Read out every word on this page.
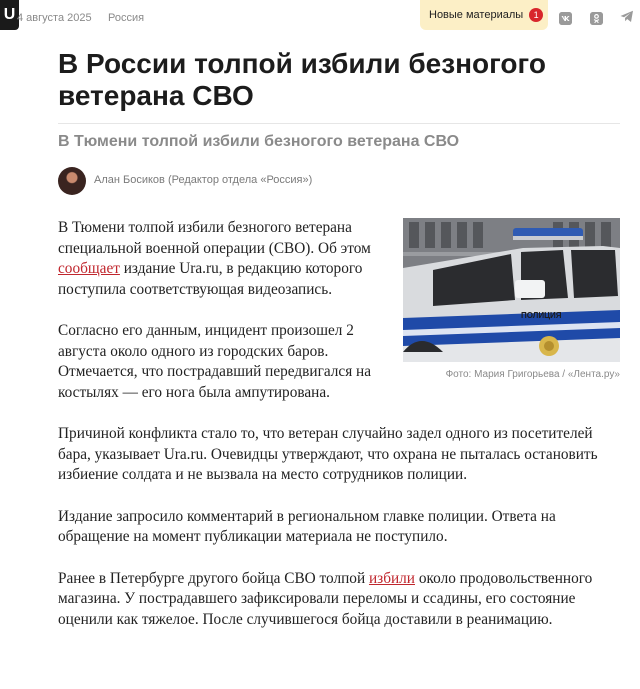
U 4 августа 2025 Россия	Новые материалы	1
В России толпой избили безногого ветерана СВО
В Тюмени толпой избили безногого ветерана СВО
Алан Босиков (Редактор отдела «Россия»)
ПОЛИЦИЯ
Фото: Мария Григорьева / «Лента.ру»

В Тюмени толпой избили безногого ветерана специальной военной операции (СВО). Об этом сообщает издание Ura.ru, в редакцию которого поступила соответствующая видеозапись.

Согласно его данным, инцидент произошел 2 августа около одного из городских баров. Отмечается, что пострадавший передвигался на костылях — его нога была ампутирована.

Причиной конфликта стало то, что ветеран случайно задел одного из посетителей бара, указывает Ura.ru. Очевидцы утверждают, что охрана не пыталась остановить избиение солдата и не вызвала на место сотрудников полиции.

Издание запросило комментарий в региональном главке полиции. Ответа на обращение на момент публикации материала не поступило.

Ранее в Петербурге другого бойца СВО толпой избили около продовольственного магазина. У пострадавшего зафиксировали переломы и ссадины, его состояние оценили как тяжелое. После случившегося бойца доставили в реанимацию.
